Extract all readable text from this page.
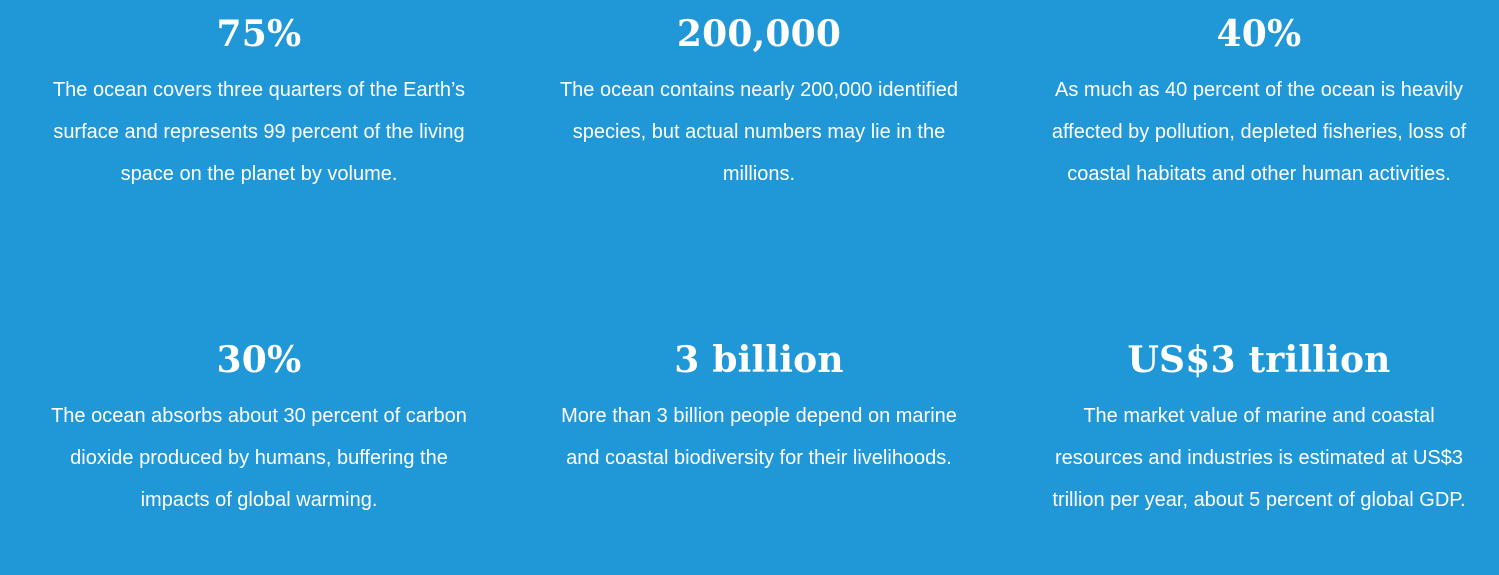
75%

The ocean covers three quarters of the Earth’s surface and represents 99 percent of the living space on the planet by volume.

200,000

The ocean contains nearly 200,000 identified species, but actual numbers may lie in the millions.

40%

As much as 40 percent of the ocean is heavily affected by pollution, depleted fisheries, loss of coastal habitats and other human activities.

30%

The ocean absorbs about 30 percent of carbon dioxide produced by humans, buffering the impacts of global warming.

3 billion

More than 3 billion people depend on marine and coastal biodiversity for their livelihoods.

US$3 trillion

The market value of marine and coastal resources and industries is estimated at US$3 trillion per year, about 5 percent of global GDP.
